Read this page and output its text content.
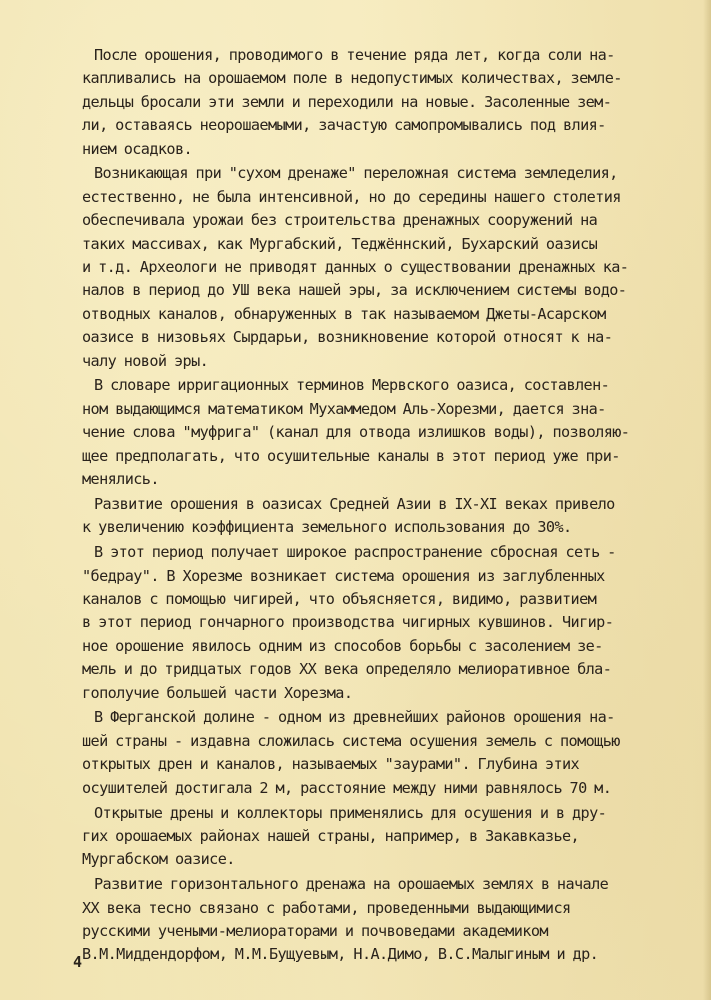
После орошения, проводимого в течение ряда лет, когда соли на-
капливались на орошаемом поле в недопустимых количествах, земле-
дельцы бросали эти земли и переходили на новые. Засоленные зем-
ли, оставаясь неорошаемыми, зачастую самопромывались под влия-
нием осадков.
Возникающая при "сухом дренаже" переложная система земледелия,
естественно, не была интенсивной, но до середины нашего столетия
обеспечивала урожаи без строительства дренажных сооружений на
таких массивах, как Мургабский, Теджённский, Бухарский оазисы
и т.д. Археологи не приводят данных о существовании дренажных ка-
налов в период до УШ века нашей эры, за исключением системы водо-
отводных каналов, обнаруженных в так называемом Джеты-Асарском
оазисе в низовьях Сырдарьи, возникновение которой относят к на-
чалу новой эры.
В словаре ирригационных терминов Мервского оазиса, составлен-
ном выдающимся математиком Мухаммедом Аль-Хорезми, дается зна-
чение слова "муфрига" (канал для отвода излишков воды), позволяю-
щее предполагать, что осушительные каналы в этот период уже при-
менялись.
Развитие орошения в оазисах Средней Азии в IX-XI веках привело
к увеличению коэффициента земельного использования до 30%.
В этот период получает широкое распространение сбросная сеть -
"бедрау". В Хорезме возникает система орошения из заглубленных
каналов с помощью чигирей, что объясняется, видимо, развитием
в этот период гончарного производства чигирных кувшинов. Чигир-
ное орошение явилось одним из способов борьбы с засолением зе-
мель и до тридцатых годов XX века определяло мелиоративное бла-
гополучие большей части Хорезма.
В Ферганской долине - одном из древнейших районов орошения на-
шей страны - издавна сложилась система осушения земель с помощью
открытых дрен и каналов, называемых "заурами". Глубина этих
осушителей достигала 2 м, расстояние между ними равнялось 70 м.
Открытые дрены и коллекторы применялись для осушения и в дру-
гих орошаемых районах нашей страны, например, в Закавказье,
Мургабском оазисе.
Развитие горизонтального дренажа на орошаемых землях в начале
XX века тесно связано с работами, проведенными выдающимися
русскими учеными-мелиораторами и почвоведами академиком
В.М.Миддендорфом, М.М.Бущуевым, Н.А.Димо, В.С.Малыгиным и др.
4
